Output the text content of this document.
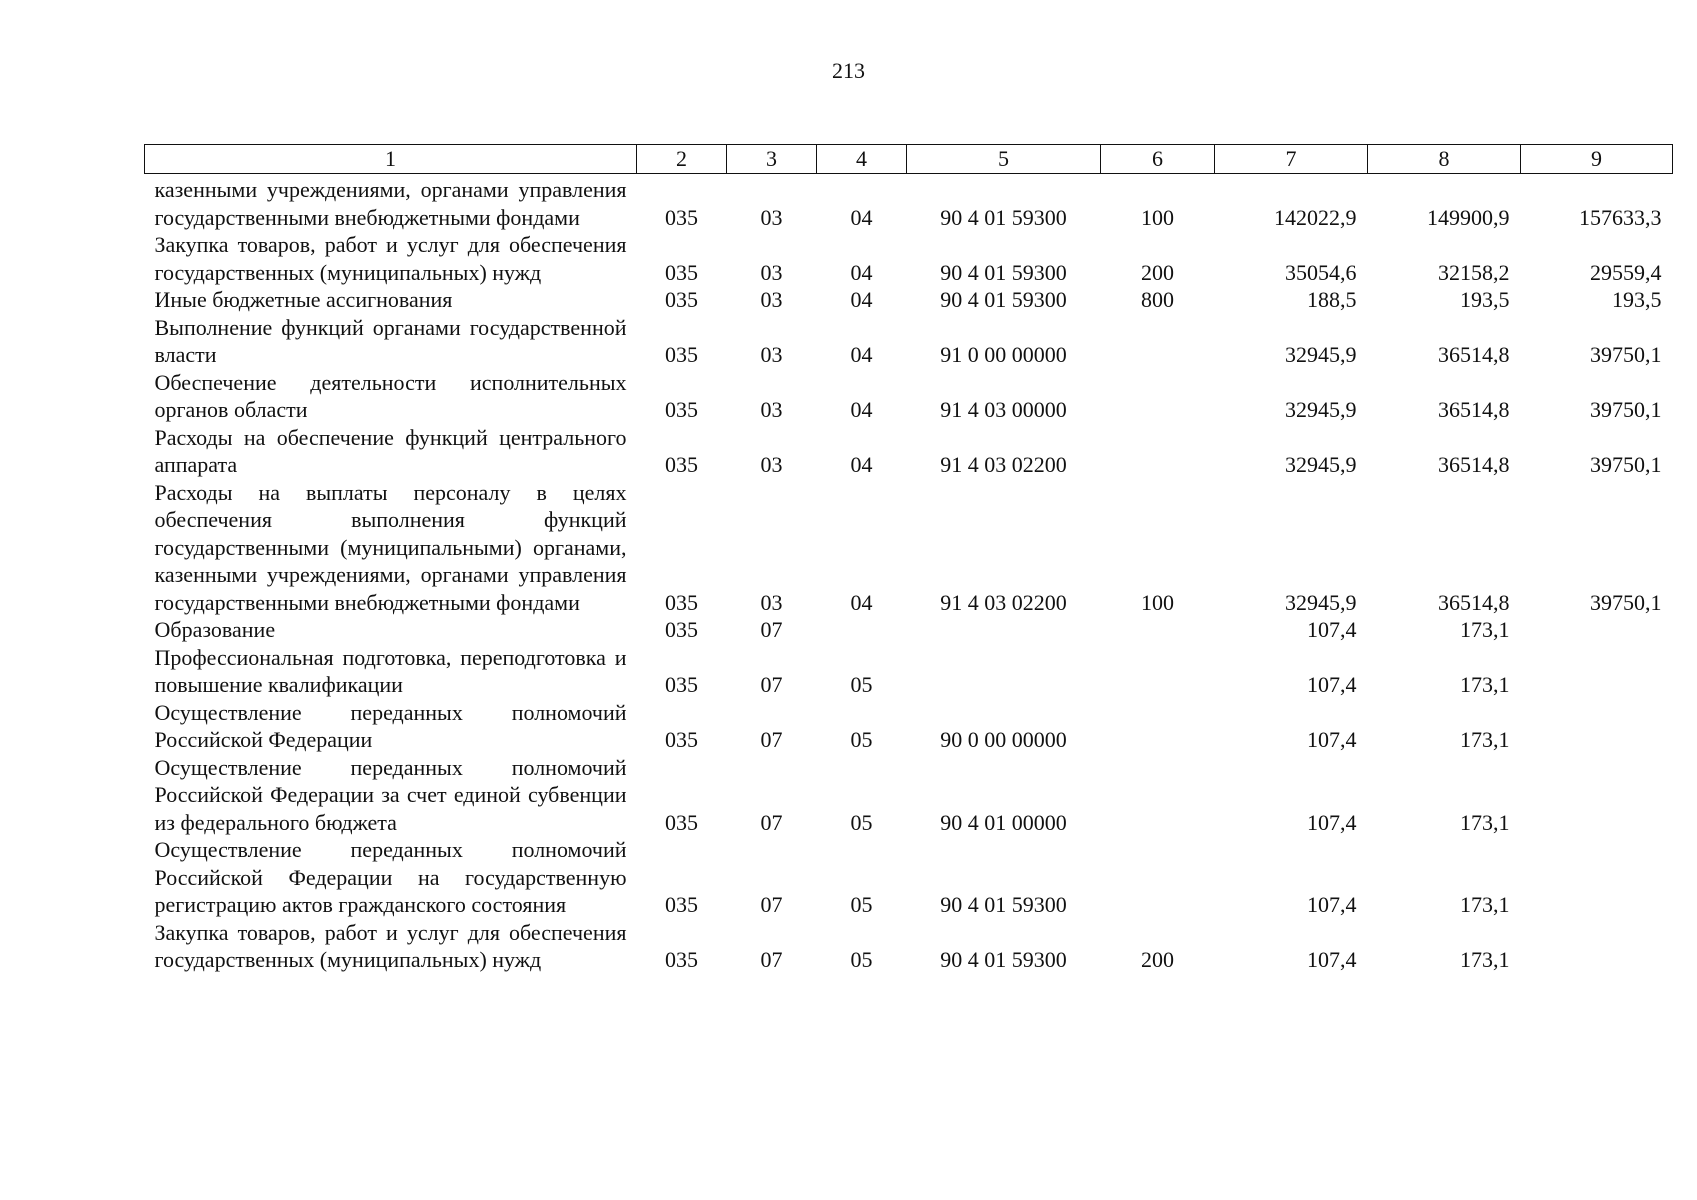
213
1	2	3	4	5	6	7	8	9
казенными учреждениями, органами управления государственными внебюджетными фондами	035	03	04	90 4 01 59300	100	142022,9	149900,9	157633,3
Закупка товаров, работ и услуг для обеспечения государственных (муниципальных) нужд	035	03	04	90 4 01 59300	200	35054,6	32158,2	29559,4
Иные бюджетные ассигнования	035	03	04	90 4 01 59300	800	188,5	193,5	193,5
Выполнение функций органами государственной власти	035	03	04	91 0 00 00000		32945,9	36514,8	39750,1
Обеспечение деятельности исполнительных органов области	035	03	04	91 4 03 00000		32945,9	36514,8	39750,1
Расходы на обеспечение функций центрального аппарата	035	03	04	91 4 03 02200		32945,9	36514,8	39750,1
Расходы на выплаты персоналу в целях обеспечения выполнения функций государственными (муниципальными) органами, казенными учреждениями, органами управления государственными внебюджетными фондами	035	03	04	91 4 03 02200	100	32945,9	36514,8	39750,1
Образование	035	07				107,4	173,1	
Профессиональная подготовка, переподготовка и повышение квалификации	035	07	05			107,4	173,1	
Осуществление переданных полномочий Российской Федерации	035	07	05	90 0 00 00000		107,4	173,1	
Осуществление переданных полномочий Российской Федерации за счет единой субвенции из федерального бюджета	035	07	05	90 4 01 00000		107,4	173,1	
Осуществление переданных полномочий Российской Федерации на государственную регистрацию актов гражданского состояния	035	07	05	90 4 01 59300		107,4	173,1	
Закупка товаров, работ и услуг для обеспечения государственных (муниципальных) нужд	035	07	05	90 4 01 59300	200	107,4	173,1	
